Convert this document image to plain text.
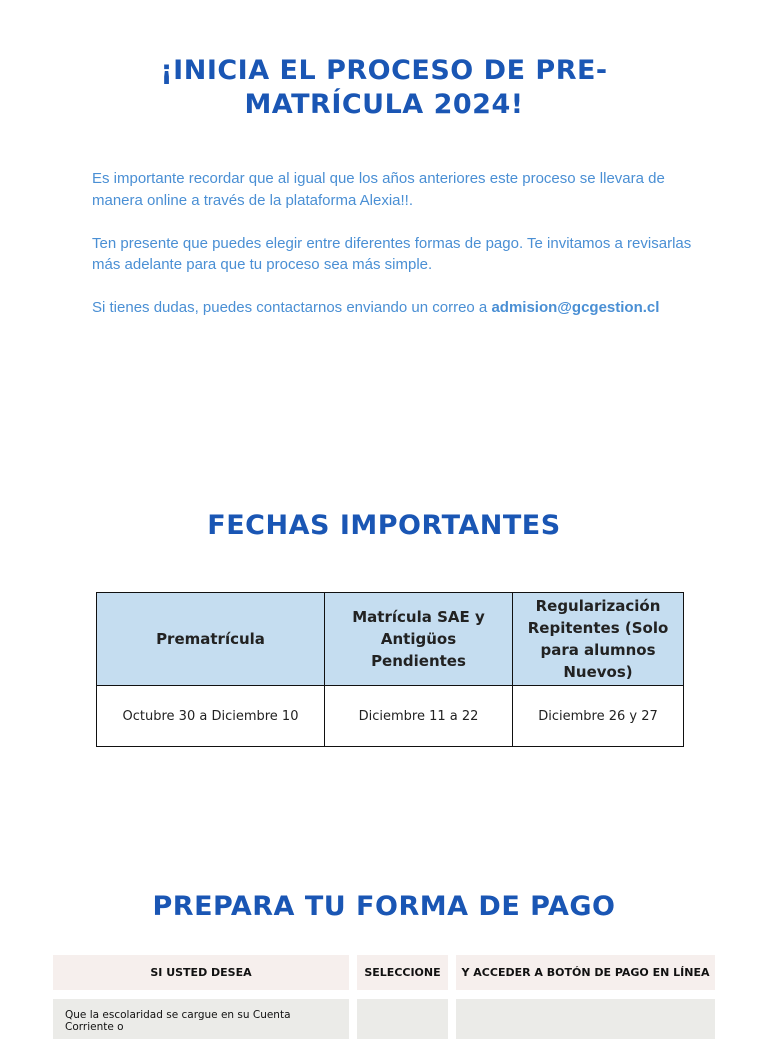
¡INICIA EL PROCESO DE PRE-
MATRÍCULA 2024!

Es importante recordar que al igual que los años anteriores este proceso se llevara de manera online a través de la plataforma Alexia!!.

Ten presente que puedes elegir entre diferentes formas de pago. Te invitamos a revisarlas más adelante para que tu proceso sea más simple.

Si tienes dudas, puedes contactarnos enviando un correo a admision@gcgestion.cl

FECHAS IMPORTANTES
Prematrícula	Matrícula SAE y Antigüos Pendientes	Regularización Repitentes (Solo para alumnos Nuevos)
Octubre 30 a Diciembre 10	Diciembre 11 a 22	Diciembre 26 y 27
PREPARA TU FORMA DE PAGO
SI USTED DESEA	SELECCIONE	Y ACCEDER A BOTÓN DE PAGO EN LÍNEA
Que la escolaridad se cargue en su Cuenta Corriente o
